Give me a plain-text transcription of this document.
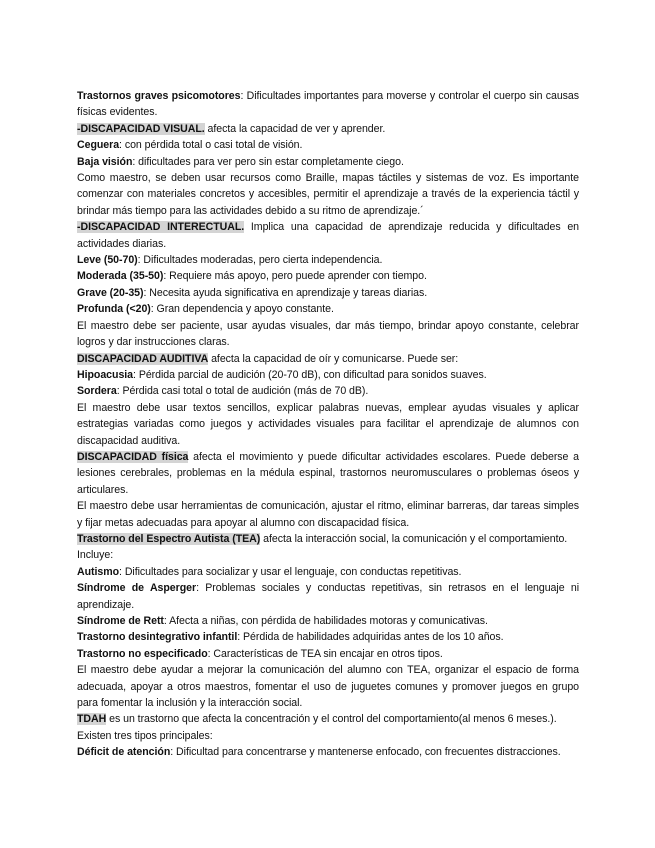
Trastornos graves psicomotores: Dificultades importantes para moverse y controlar el cuerpo sin causas físicas evidentes.

-DISCAPACIDAD VISUAL. afecta la capacidad de ver y aprender.

Ceguera: con pérdida total o casi total de visión.

Baja visión: dificultades para ver pero sin estar completamente ciego.

Como maestro, se deben usar recursos como Braille, mapas táctiles y sistemas de voz. Es importante comenzar con materiales concretos y accesibles, permitir el aprendizaje a través de la experiencia táctil y brindar más tiempo para las actividades debido a su ritmo de aprendizaje.´

-DISCAPACIDAD INTERECTUAL. Implica una capacidad de aprendizaje reducida y dificultades en actividades diarias.

Leve (50-70): Dificultades moderadas, pero cierta independencia.

Moderada (35-50): Requiere más apoyo, pero puede aprender con tiempo.

Grave (20-35): Necesita ayuda significativa en aprendizaje y tareas diarias.

Profunda (<20): Gran dependencia y apoyo constante.

El maestro debe ser paciente, usar ayudas visuales, dar más tiempo, brindar apoyo constante, celebrar logros y dar instrucciones claras.

DISCAPACIDAD AUDITIVA afecta la capacidad de oír y comunicarse. Puede ser:

Hipoacusia: Pérdida parcial de audición (20-70 dB), con dificultad para sonidos suaves.

Sordera: Pérdida casi total o total de audición (más de 70 dB).

El maestro debe usar textos sencillos, explicar palabras nuevas, emplear ayudas visuales y aplicar estrategias variadas como juegos y actividades visuales para facilitar el aprendizaje de alumnos con discapacidad auditiva.

DISCAPACIDAD física afecta el movimiento y puede dificultar actividades escolares. Puede deberse a lesiones cerebrales, problemas en la médula espinal, trastornos neuromusculares o problemas óseos y articulares.

El maestro debe usar herramientas de comunicación, ajustar el ritmo, eliminar barreras, dar tareas simples y fijar metas adecuadas para apoyar al alumno con discapacidad física.

Trastorno del Espectro Autista (TEA) afecta la interacción social, la comunicación y el comportamiento. Incluye:

Autismo: Dificultades para socializar y usar el lenguaje, con conductas repetitivas.

Síndrome de Asperger: Problemas sociales y conductas repetitivas, sin retrasos en el lenguaje ni aprendizaje.

Síndrome de Rett: Afecta a niñas, con pérdida de habilidades motoras y comunicativas.

Trastorno desintegrativo infantil: Pérdida de habilidades adquiridas antes de los 10 años.

Trastorno no especificado: Características de TEA sin encajar en otros tipos.

El maestro debe ayudar a mejorar la comunicación del alumno con TEA, organizar el espacio de forma adecuada, apoyar a otros maestros, fomentar el uso de juguetes comunes y promover juegos en grupo para fomentar la inclusión y la interacción social.

TDAH es un trastorno que afecta la concentración y el control del comportamiento(al menos 6 meses.). Existen tres tipos principales:

Déficit de atención: Dificultad para concentrarse y mantenerse enfocado, con frecuentes distracciones.
